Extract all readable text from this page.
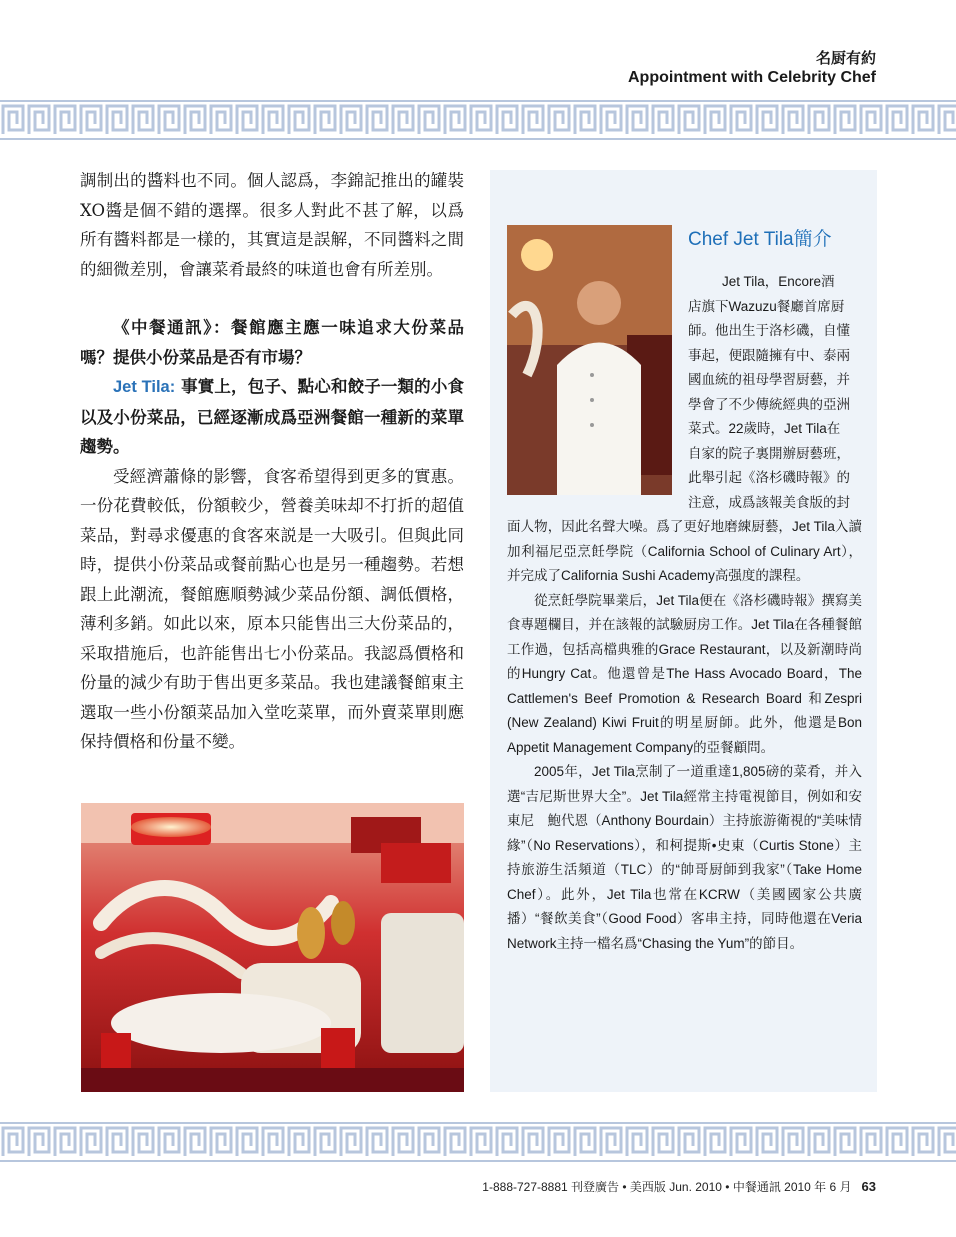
名厨有約
Appointment with Celebrity Chef

調制出的醬料也不同。個人認爲，李錦記推出的罐裝XO醬是個不錯的選擇。很多人對此不甚了解，以爲所有醬料都是一樣的，其實這是誤解，不同醬料之間的細微差別，會讓菜肴最終的味道也會有所差別。

《中餐通訊》：餐館應主應一味追求大份菜品嗎？提供小份菜品是否有市場？

Jet Tila: 事實上，包子、點心和餃子一類的小食以及小份菜品，已經逐漸成爲亞洲餐館一種新的菜單趨勢。

受經濟蕭條的影響，食客希望得到更多的實惠。一份花費較低，份額較少，營養美味却不打折的超值菜品，對尋求優惠的食客來説是一大吸引。但與此同時，提供小份菜品或餐前點心也是另一種趨勢。若想跟上此潮流，餐館應順勢減少菜品份額、調低價格，薄利多銷。如此以來，原本只能售出三大份菜品的，采取措施后，也許能售出七小份菜品。我認爲價格和份量的減少有助于售出更多菜品。我也建議餐館東主選取一些小份額菜品加入堂吃菜單，而外賣菜單則應保持價格和份量不變。

Chef Jet Tila簡介
Jet Tila，Encore酒
店旗下Wazuzu餐廳首席厨
師。他出生于洛杉磯，自懂
事起，便跟隨擁有中、泰兩
國血統的祖母學習厨藝，并
學會了不少傳統經典的亞洲
菜式。22歲時，Jet Tila在
自家的院子裏開辦厨藝班，
此舉引起《洛杉磯時報》的
注意，成爲該報美食版的封
面人物，因此名聲大噪。爲了更好地磨練厨藝，Jet Tila入讀加利福尼亞烹飪學院（California School of Culinary Art），并完成了California Sushi Academy高强度的課程。

從烹飪學院畢業后，Jet Tila便在《洛杉磯時報》撰寫美食專題欄目，并在該報的試驗厨房工作。Jet Tila在各種餐館工作過，包括高檔典雅的Grace Restaurant，以及新潮時尚的Hungry Cat。他還曾是The Hass Avocado Board，The Cattlemen's Beef Promotion & Research Board 和Zespri (New Zealand) Kiwi Fruit的明星厨師。此外，他還是Bon Appetit Management Company的亞餐顧問。

2005年，Jet Tila烹制了一道重達1,805磅的菜肴，并入選“吉尼斯世界大全”。Jet Tila經常主持電視節目，例如和安東尼　鮑代恩（Anthony Bourdain）主持旅游衛視的“美味情緣”（No Reservations），和柯提斯•史東（Curtis Stone）主持旅游生活頻道（TLC）的“帥哥厨師到我家”（Take Home Chef）。此外，Jet Tila也常在KCRW（美國國家公共廣播）“餐飲美食”（Good Food）客串主持，同時他還在Veria Network主持一檔名爲“Chasing the Yum”的節目。

1-888-727-8881 刊登廣告 • 美西版 Jun. 2010 • 中餐通訊 2010 年 6 月 63
